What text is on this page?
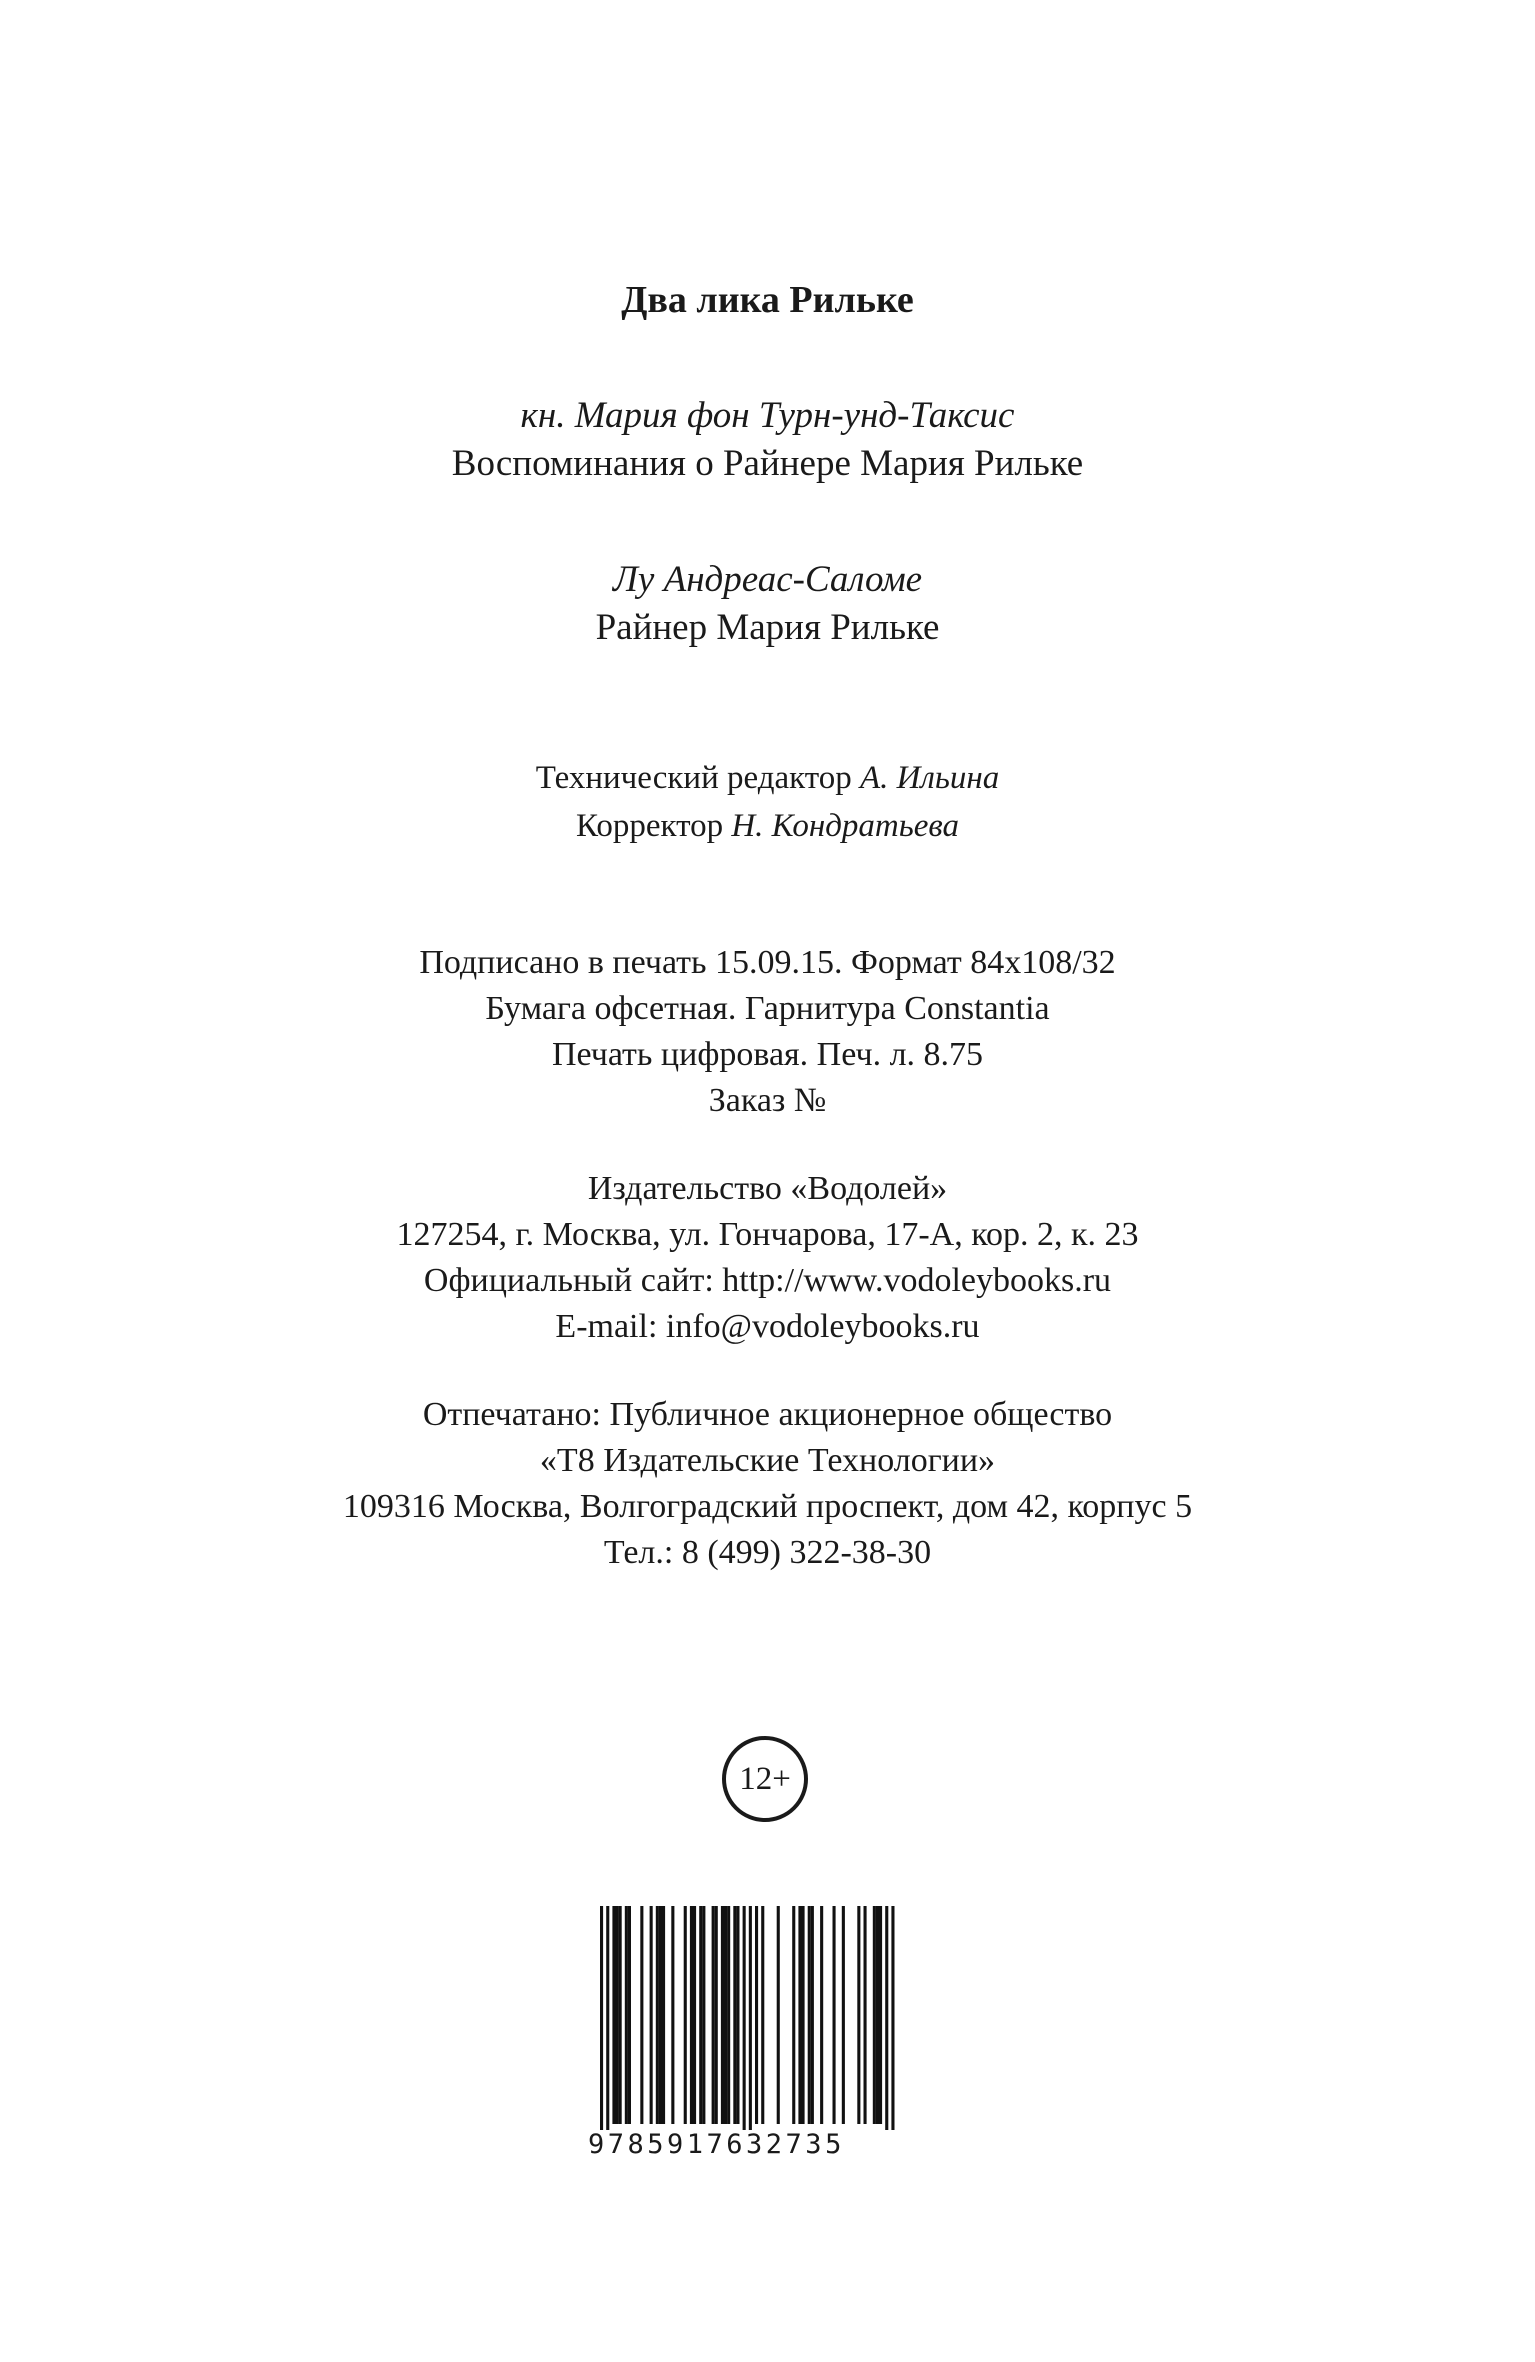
Два лика Рильке
кн. Мария фон Турн-унд-Таксис
Воспоминания о Райнере Мария Рильке
Лу Андреас-Саломе
Райнер Мария Рильке
Технический редактор А. Ильина
Корректор Н. Кондратьева
Подписано в печать 15.09.15. Формат 84х108/32
Бумага офсетная. Гарнитура Constantia
Печать цифровая. Печ. л. 8.75
Заказ №
Издательство «Водолей»
127254, г. Москва, ул. Гончарова, 17-А, кор. 2, к. 23
Официальный сайт: http://www.vodoleybooks.ru
E-mail: info@vodoleybooks.ru
Отпечатано: Публичное акционерное общество
«Т8 Издательские Технологии»
109316 Москва, Волгоградский проспект, дом 42, корпус 5
Тел.: 8 (499) 322-38-30
12+
9785917632735
